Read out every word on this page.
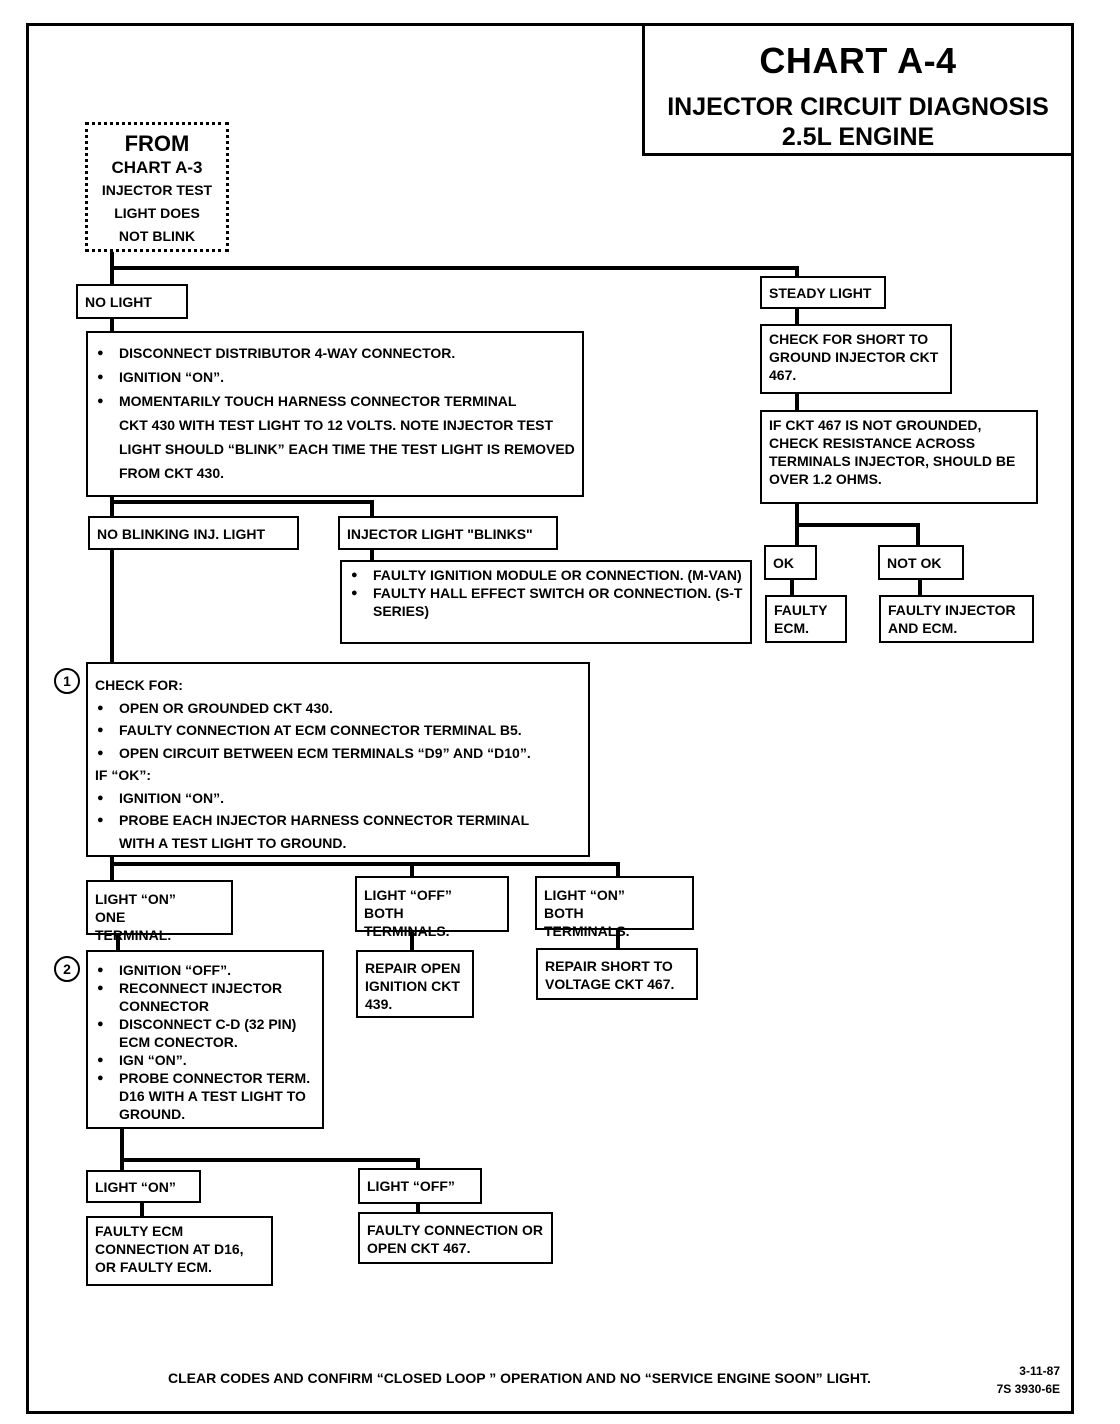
CHART A-4
INJECTOR CIRCUIT DIAGNOSIS
2.5L ENGINE
FROM
CHART A-3
INJECTOR TEST
LIGHT DOES
NOT BLINK
NO LIGHT
● DISCONNECT DISTRIBUTOR 4-WAY CONNECTOR.
● IGNITION “ON”.
● MOMENTARILY TOUCH HARNESS CONNECTOR TERMINAL
CKT 430 WITH TEST LIGHT TO 12 VOLTS. NOTE INJECTOR TEST LIGHT SHOULD “BLINK” EACH TIME THE TEST LIGHT IS REMOVED FROM CKT 430.
STEADY LIGHT
CHECK FOR SHORT TO GROUND INJECTOR CKT 467.
IF CKT 467 IS NOT GROUNDED, CHECK RESISTANCE ACROSS TERMINALS INJECTOR, SHOULD BE OVER 1.2 OHMS.
OK	NOT OK
FAULTY ECM.
FAULTY INJECTOR AND ECM.
NO BLINKING INJ. LIGHT	INJECTOR LIGHT "BLINKS"
● FAULTY IGNITION MODULE OR CONNECTION. (M-VAN)
● FAULTY HALL EFFECT SWITCH OR CONNECTION. (S-T SERIES)
1	CHECK FOR:
● OPEN OR GROUNDED CKT 430.
● FAULTY CONNECTION AT ECM CONNECTOR TERMINAL B5.
● OPEN CIRCUIT BETWEEN ECM TERMINALS “D9” AND “D10”.
IF “OK”:
● IGNITION “ON”.
● PROBE EACH INJECTOR HARNESS CONNECTOR TERMINAL
WITH A TEST LIGHT TO GROUND.
LIGHT “ON” ONE TERMINAL.
LIGHT “OFF” BOTH TERMINALS.
LIGHT “ON” BOTH TERMINALS.
REPAIR OPEN IGNITION CKT 439.
REPAIR SHORT TO VOLTAGE CKT 467.
2
●	IGNITION “OFF”.
● RECONNECT INJECTOR CONNECTOR
● DISCONNECT C-D (32 PIN) ECM CONECTOR.
● IGN “ON”.
● PROBE CONNECTOR TERM. D16 WITH A TEST LIGHT TO GROUND.
LIGHT “ON”	LIGHT “OFF”
FAULTY ECM CONNECTION AT D16, OR FAULTY ECM.
FAULTY CONNECTION OR OPEN CKT 467.
CLEAR CODES AND CONFIRM “CLOSED LOOP ” OPERATION AND NO “SERVICE ENGINE SOON” LIGHT.	3-11-87
7S 3930-6E
